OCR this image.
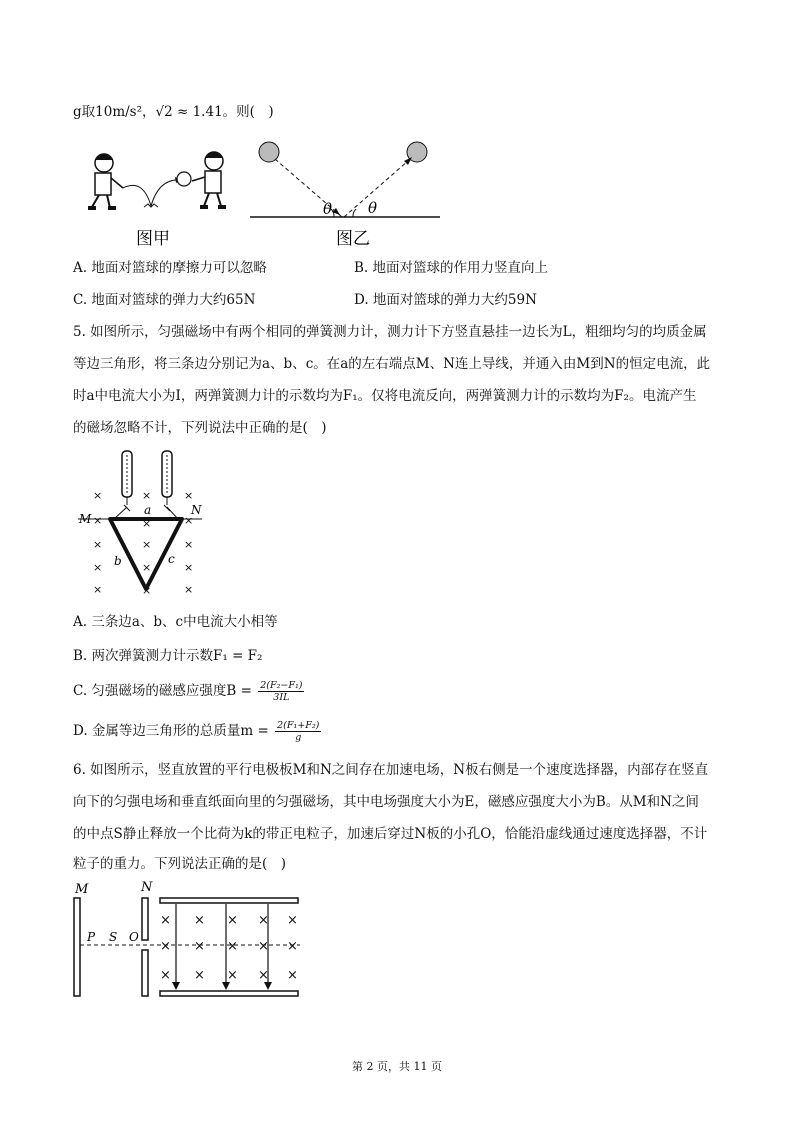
g取10m/s²，√2 ≈ 1.41。则(　)
θ θ
图甲	图乙
A. 地面对篮球的摩擦力可以忽略	B. 地面对篮球的作用力竖直向上
C. 地面对篮球的弹力大约65N	D. 地面对篮球的弹力大约59N
5. 如图所示，匀强磁场中有两个相同的弹簧测力计，测力计下方竖直悬挂一边长为L，粗细均匀的均质金属
等边三角形，将三条边分别记为a、b、c。在a的左右端点M、N连上导线，并通入由M到N的恒定电流，此
时a中电流大小为I，两弹簧测力计的示数均为F₁。仅将电流反向，两弹簧测力计的示数均为F₂。电流产生
的磁场忽略不计，下列说法中正确的是(　)
×	×	×
×	×
×
×	×	×
×	×	×
×	×
×
M
N
a
b	c
A. 三条边a、b、c中电流大小相等
B. 两次弹簧测力计示数F₁ = F₂
C. 匀强磁场的磁感应强度$B = \frac{\text{2(F₂−F₁)}}{3IL}$
D. 金属等边三角形的总质量$m = \frac{\text{2(F₁+F₂)}}{g}$
6. 如图所示，竖直放置的平行电极板M和N之间存在加速电场，N板右侧是一个速度选择器，内部存在竖直
向下的匀强电场和垂直纸面向里的匀强磁场，其中电场强度大小为E，磁感应强度大小为B。从M和N之间
的中点S静止释放一个比荷为k的带正电粒子，加速后穿过N板的小孔O，恰能沿虚线通过速度选择器，不计
粒子的重力。下列说法正确的是(　)
× × × × ×
× × × × ×
× × × × ×
M	N
P S O
第 2 页，共 11 页
